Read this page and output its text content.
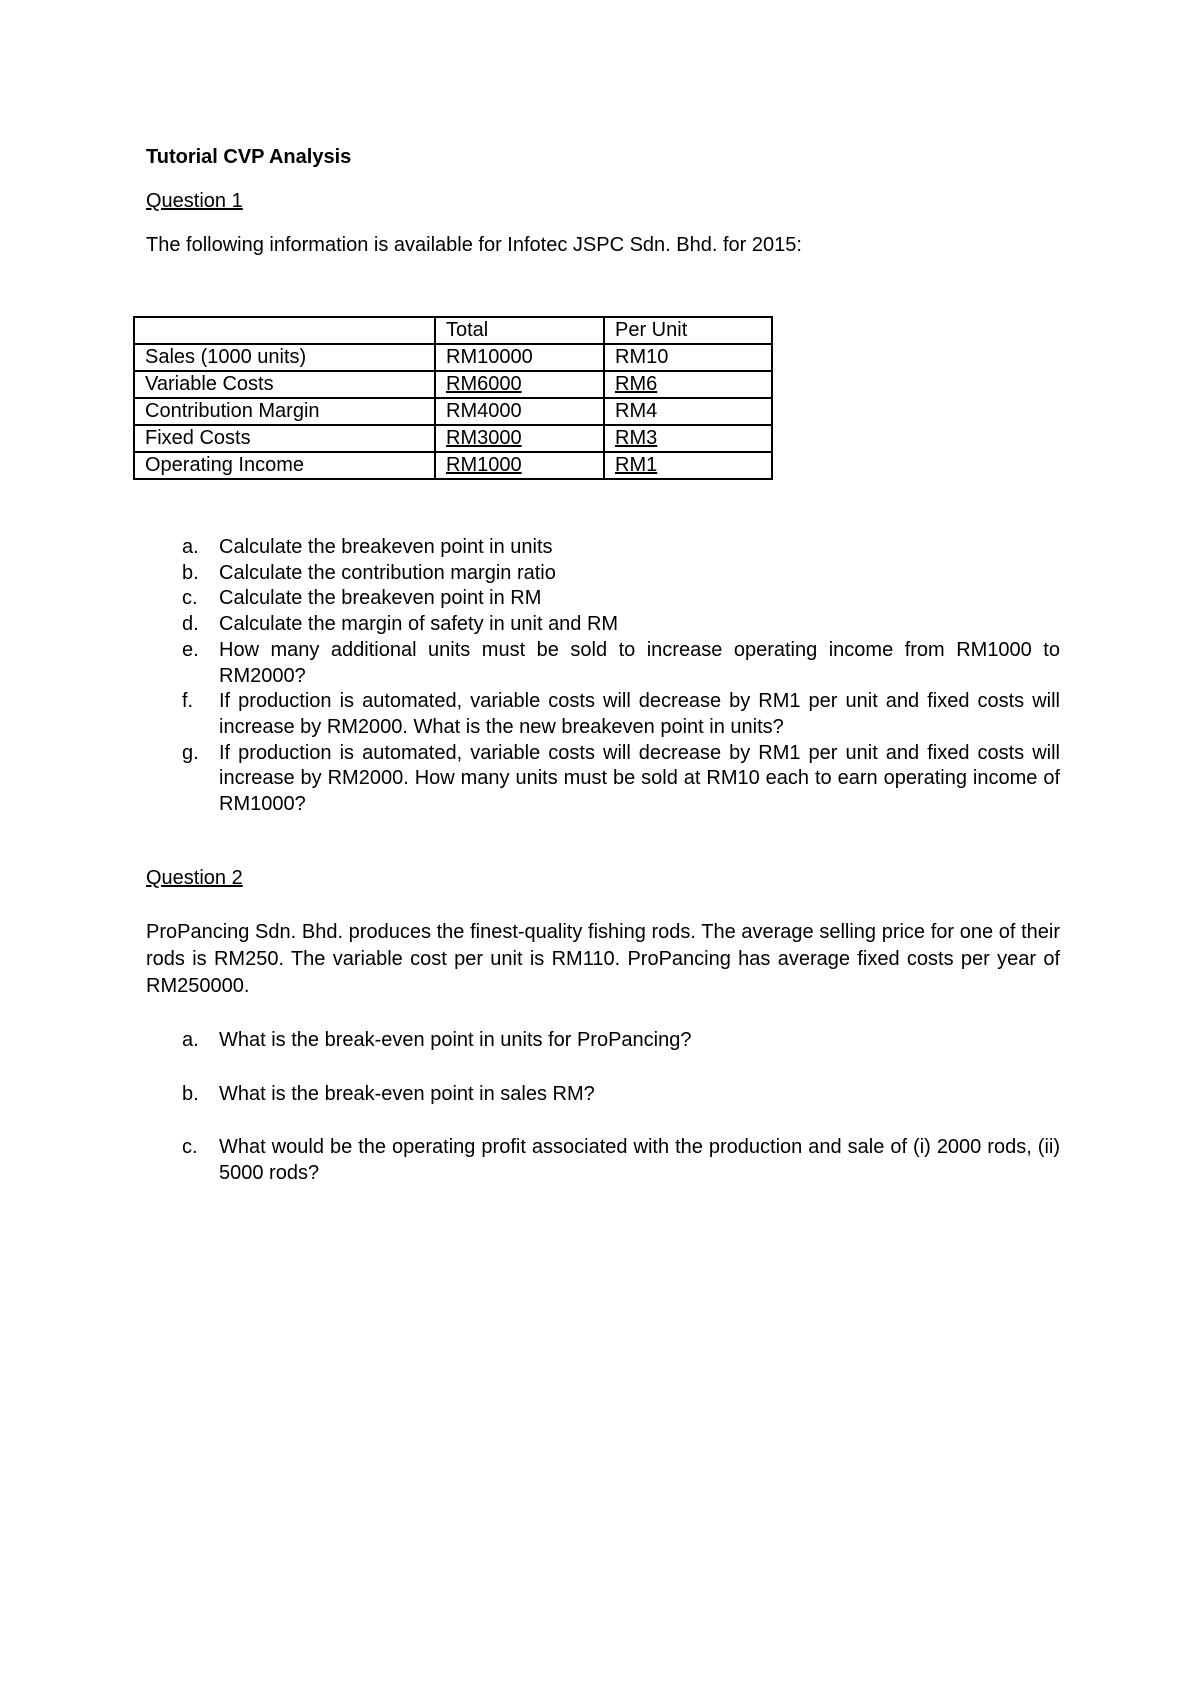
Tutorial CVP Analysis

Question 1

The following information is available for Infotec JSPC Sdn. Bhd. for 2015:

	Total	Per Unit
Sales (1000 units)	RM10000	RM10
Variable Costs	RM6000	RM6
Contribution Margin	RM4000	RM4
Fixed Costs	RM3000	RM3
Operating Income	RM1000	RM1
a. Calculate the breakeven point in units
b. Calculate the contribution margin ratio
c. Calculate the breakeven point in RM
d. Calculate the margin of safety in unit and RM
e. How many additional units must be sold to increase operating income from RM1000 to RM2000?
f. If production is automated, variable costs will decrease by RM1 per unit and fixed costs will increase by RM2000. What is the new breakeven point in units?
g. If production is automated, variable costs will decrease by RM1 per unit and fixed costs will increase by RM2000. How many units must be sold at RM10 each to earn operating income of RM1000?

Question 2

ProPancing Sdn. Bhd. produces the finest-quality fishing rods. The average selling price for one of their rods is RM250. The variable cost per unit is RM110. ProPancing has average fixed costs per year of RM250000.

a. What is the break-even point in units for ProPancing?
b. What is the break-even point in sales RM?
c. What would be the operating profit associated with the production and sale of (i) 2000 rods, (ii) 5000 rods?
